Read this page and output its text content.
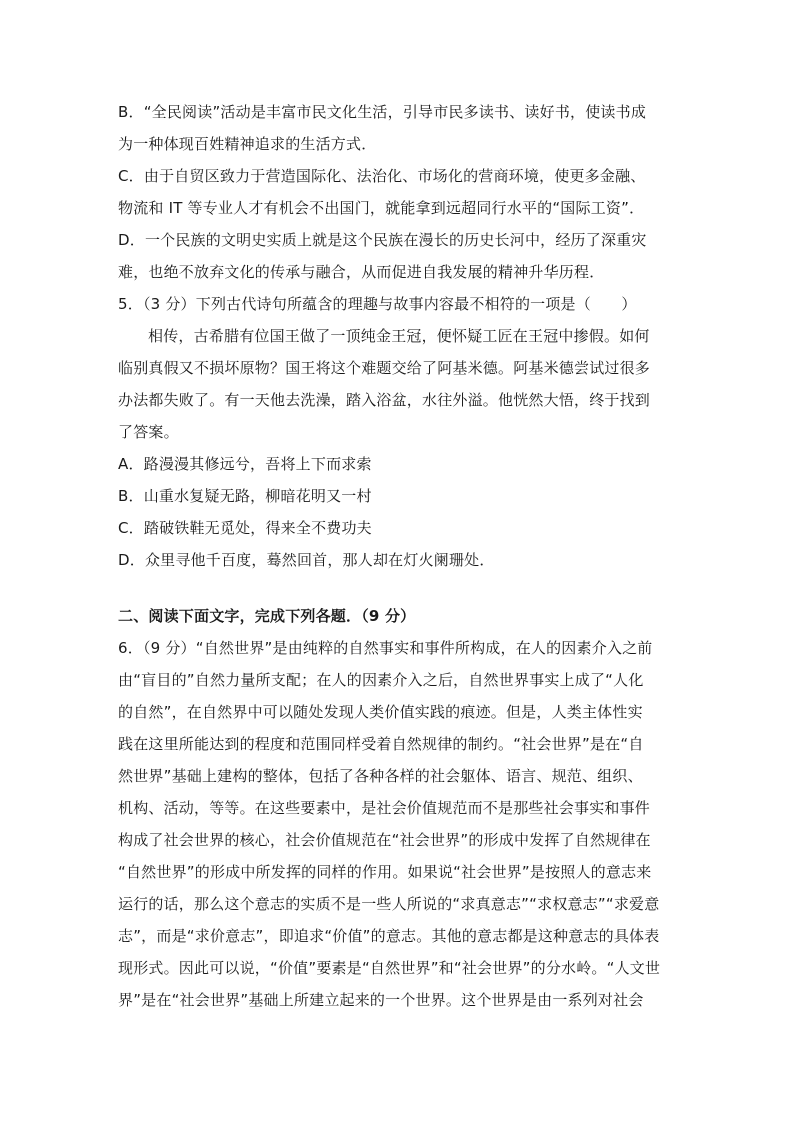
B．“全民阅读”活动是丰富市民文化生活，引导市民多读书、读好书，使读书成
为一种体现百姓精神追求的生活方式．
C．由于自贸区致力于营造国际化、法治化、市场化的营商环境，使更多金融、
物流和 IT 等专业人才有机会不出国门，就能拿到远超同行水平的“国际工资”．
D．一个民族的文明史实质上就是这个民族在漫长的历史长河中，经历了深重灾
难，也绝不放弃文化的传承与融合，从而促进自我发展的精神升华历程．
5．（3 分）下列古代诗句所蕴含的理趣与故事内容最不相符的一项是（　　）
相传，古希腊有位国王做了一顶纯金王冠，便怀疑工匠在王冠中掺假。如何
临别真假又不损坏原物？国王将这个难题交给了阿基米德。阿基米德尝试过很多
办法都失败了。有一天他去洗澡，踏入浴盆，水往外溢。他恍然大悟，终于找到
了答案。
A．路漫漫其修远兮，吾将上下而求索
B．山重水复疑无路，柳暗花明又一村
C．踏破铁鞋无觅处，得来全不费功夫
D．众里寻他千百度，蓦然回首，那人却在灯火阑珊处．
二、阅读下面文字，完成下列各题．（9 分）
6．（9 分）“自然世界”是由纯粹的自然事实和事件所构成，在人的因素介入之前
由“盲目的”自然力量所支配；在人的因素介入之后，自然世界事实上成了“人化
的自然”，在自然界中可以随处发现人类价值实践的痕迹。但是，人类主体性实
践在这里所能达到的程度和范围同样受着自然规律的制约。“社会世界”是在“自
然世界”基础上建构的整体，包括了各种各样的社会躯体、语言、规范、组织、
机构、活动，等等。在这些要素中，是社会价值规范而不是那些社会事实和事件
构成了社会世界的核心，社会价值规范在“社会世界”的形成中发挥了自然规律在
“自然世界”的形成中所发挥的同样的作用。如果说“社会世界”是按照人的意志来
运行的话，那么这个意志的实质不是一些人所说的“求真意志”“求权意志”“求爱意
志”，而是“求价意志”，即追求“价值”的意志。其他的意志都是这种意志的具体表
现形式。因此可以说，“价值”要素是“自然世界”和“社会世界”的分水岭。“人文世
界”是在“社会世界”基础上所建立起来的一个世界。这个世界是由一系列对社会
